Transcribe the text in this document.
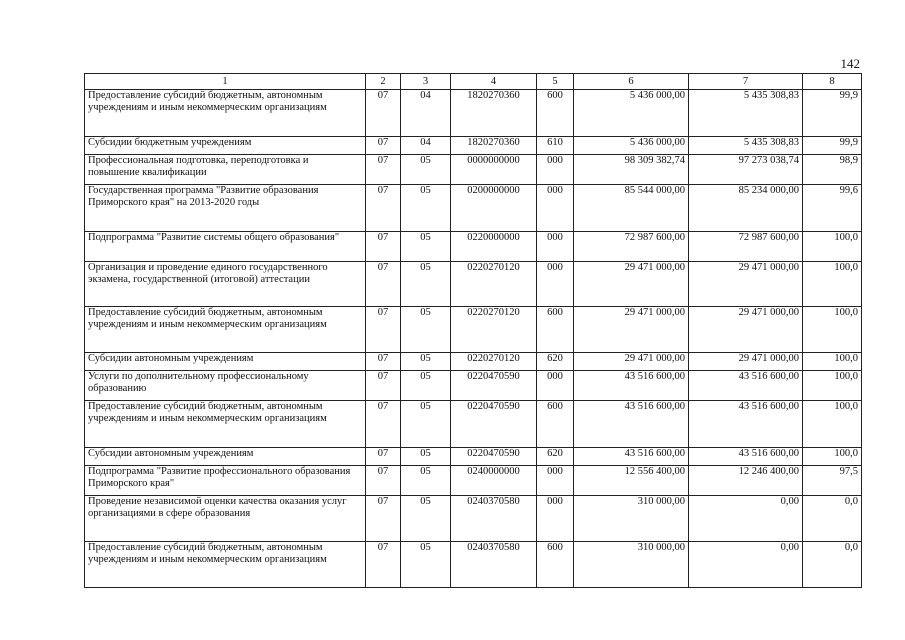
142
1	2	3	4	5	6	7	8
Предоставление субсидий бюджетным, автономным учреждениям и иным некоммерческим организациям	07	04	1820270360	600	5 436 000,00	5 435 308,83	99,9
Субсидии бюджетным учреждениям	07	04	1820270360	610	5 436 000,00	5 435 308,83	99,9
Профессиональная подготовка, переподготовка и повышение квалификации	07	05	0000000000	000	98 309 382,74	97 273 038,74	98,9
Государственная программа "Развитие образования Приморского края" на 2013-2020 годы	07	05	0200000000	000	85 544 000,00	85 234 000,00	99,6
Подпрограмма "Развитие системы общего образования"	07	05	0220000000	000	72 987 600,00	72 987 600,00	100,0
Организация и проведение единого государственного экзамена, государственной (итоговой) аттестации	07	05	0220270120	000	29 471 000,00	29 471 000,00	100,0
Предоставление субсидий бюджетным, автономным учреждениям и иным некоммерческим организациям	07	05	0220270120	600	29 471 000,00	29 471 000,00	100,0
Субсидии автономным учреждениям	07	05	0220270120	620	29 471 000,00	29 471 000,00	100,0
Услуги по дополнительному профессиональному образованию	07	05	0220470590	000	43 516 600,00	43 516 600,00	100,0
Предоставление субсидий бюджетным, автономным учреждениям и иным некоммерческим организациям	07	05	0220470590	600	43 516 600,00	43 516 600,00	100,0
Субсидии автономным учреждениям	07	05	0220470590	620	43 516 600,00	43 516 600,00	100,0
Подпрограмма "Развитие профессионального образования Приморского края"	07	05	0240000000	000	12 556 400,00	12 246 400,00	97,5
Проведение независимой оценки качества оказания услуг организациями в сфере образования	07	05	0240370580	000	310 000,00	0,00	0,0
Предоставление субсидий бюджетным, автономным учреждениям и иным некоммерческим организациям	07	05	0240370580	600	310 000,00	0,00	0,0
